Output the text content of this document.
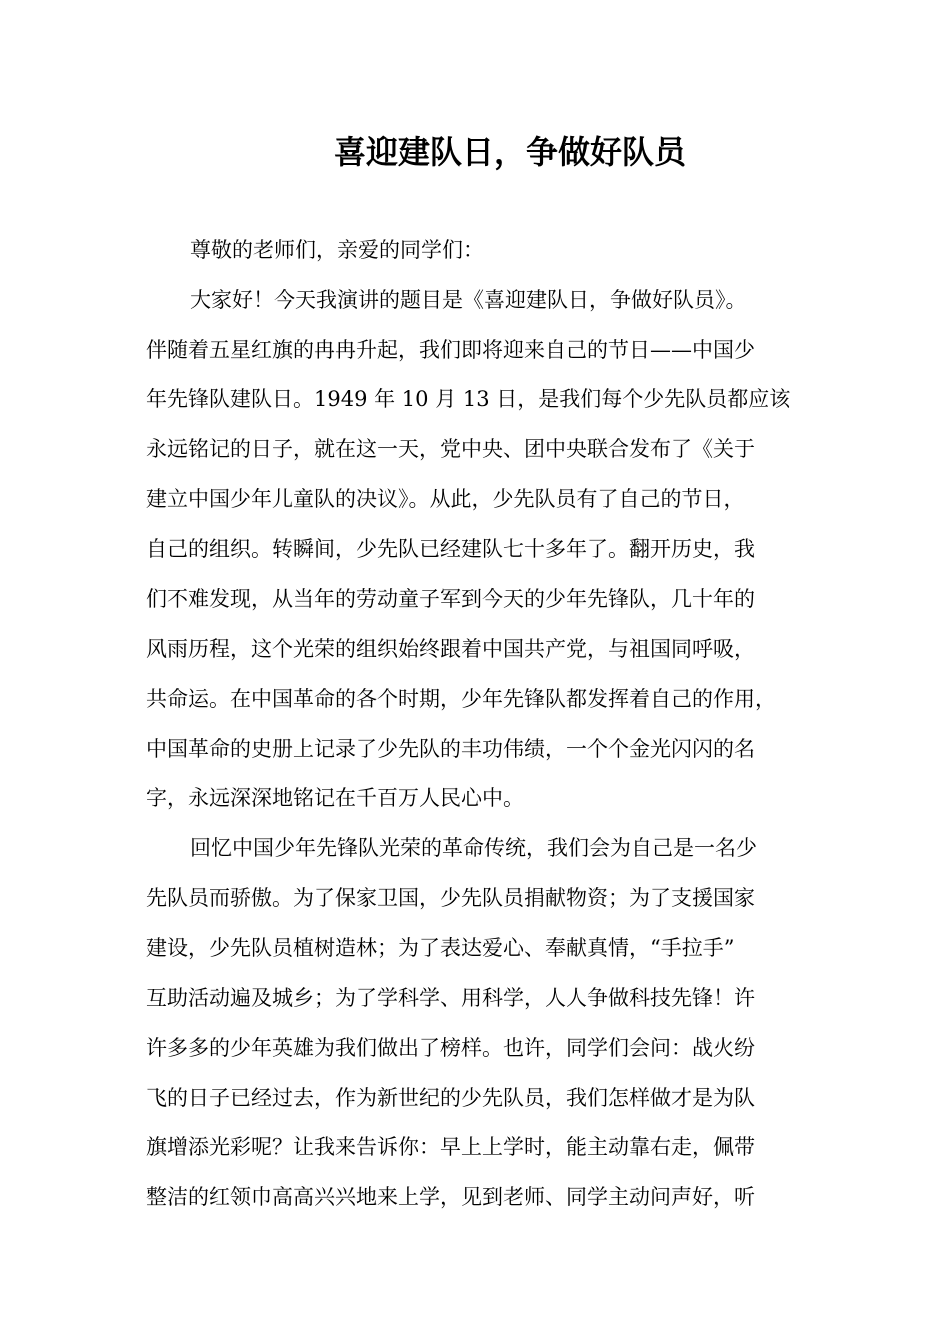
喜迎建队日，争做好队员
尊敬的老师们，亲爱的同学们：
大家好！今天我演讲的题目是《喜迎建队日，争做好队员》。
伴随着五星红旗的冉冉升起，我们即将迎来自己的节日——中国少
年先锋队建队日。1949 年 10 月 13 日，是我们每个少先队员都应该
永远铭记的日子，就在这一天，党中央、团中央联合发布了《关于
建立中国少年儿童队的决议》。从此，少先队员有了自己的节日，
自己的组织。转瞬间，少先队已经建队七十多年了。翻开历史，我
们不难发现，从当年的劳动童子军到今天的少年先锋队，几十年的
风雨历程，这个光荣的组织始终跟着中国共产党，与祖国同呼吸，
共命运。在中国革命的各个时期，少年先锋队都发挥着自己的作用，
中国革命的史册上记录了少先队的丰功伟绩，一个个金光闪闪的名
字，永远深深地铭记在千百万人民心中。
回忆中国少年先锋队光荣的革命传统，我们会为自己是一名少
先队员而骄傲。为了保家卫国，少先队员捐献物资；为了支援国家
建设，少先队员植树造林；为了表达爱心、奉献真情，“手拉手”
互助活动遍及城乡；为了学科学、用科学，人人争做科技先锋！许
许多多的少年英雄为我们做出了榜样。也许，同学们会问：战火纷
飞的日子已经过去，作为新世纪的少先队员，我们怎样做才是为队
旗增添光彩呢？让我来告诉你：早上上学时，能主动靠右走，佩带
整洁的红领巾高高兴兴地来上学，见到老师、同学主动问声好，听
